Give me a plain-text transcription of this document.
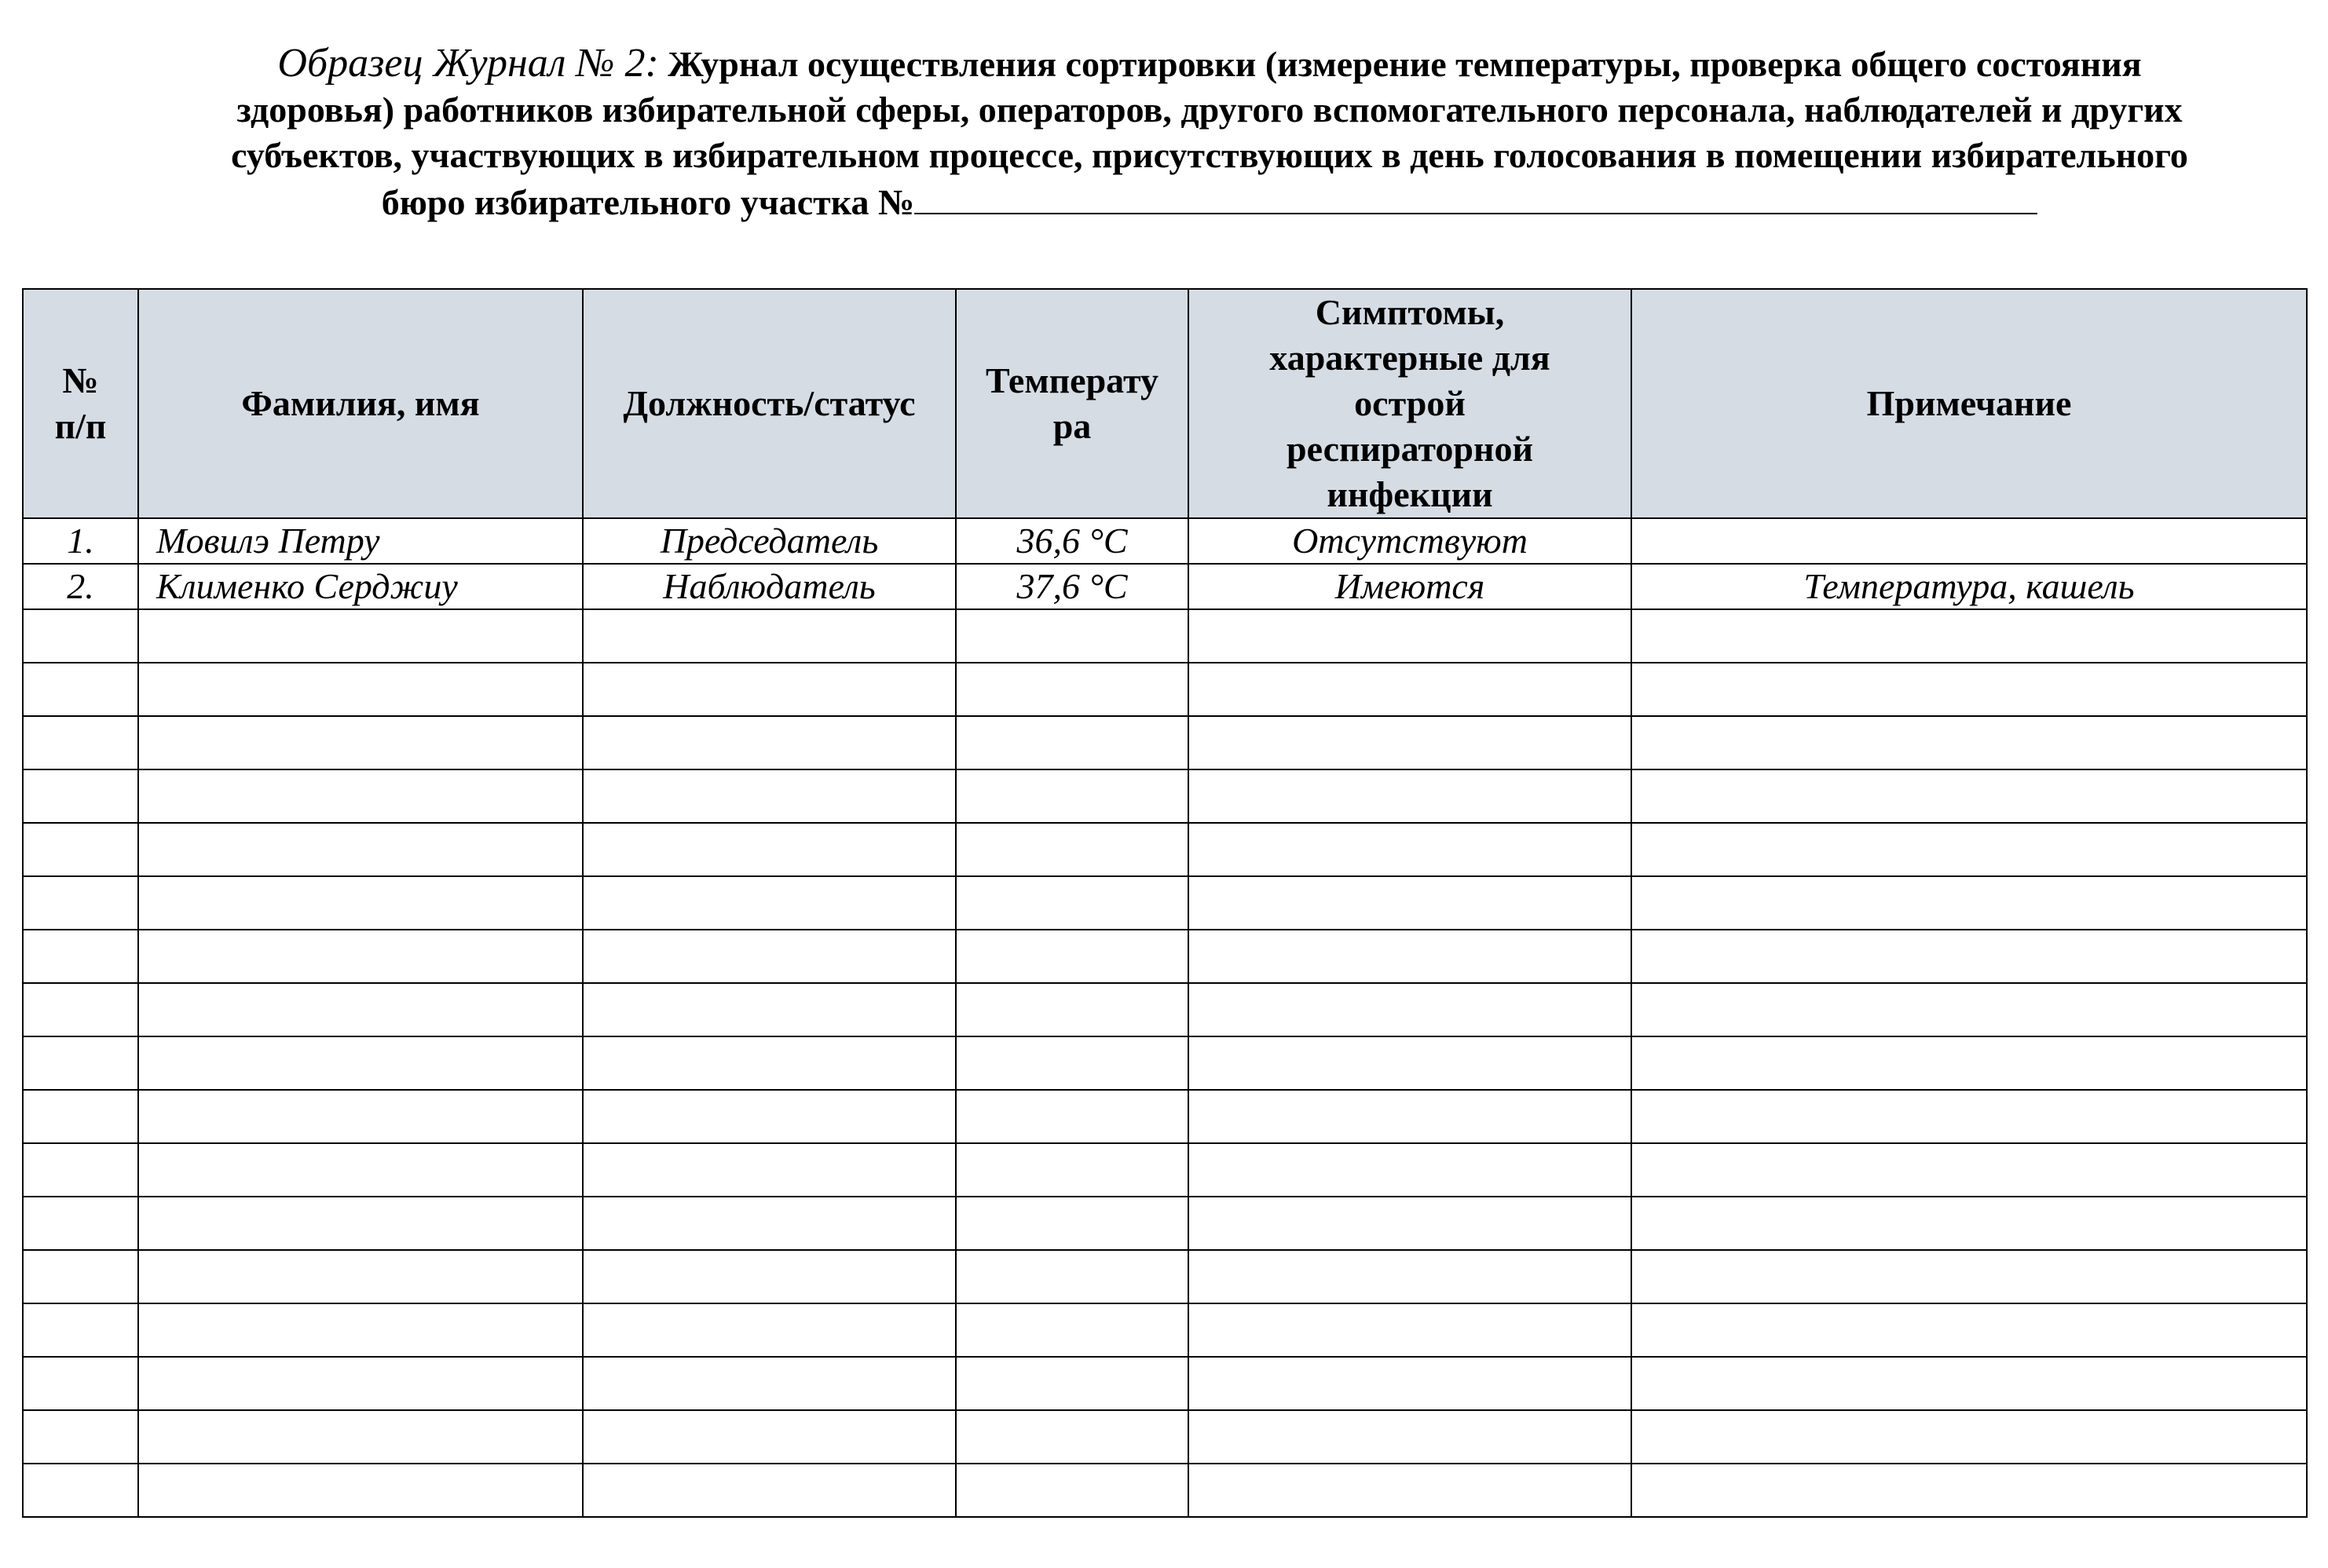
Образец Журнал № 2: Журнал осуществления сортировки (измерение температуры, проверка общего состояния
здоровья) работников избирательной сферы, операторов, другого вспомогательного персонала, наблюдателей и других
субъектов, участвующих в избирательном процессе, присутствующих в день голосования в помещении избирательного
бюро избирательного участка №
№ п/п	Фамилия, имя	Должность/статус	Температу ра	Симптомы, характерные для острой респираторной инфекции	Примечание
1.	Мовилэ Петру	Председатель	36,6 °C	Отсутствуют	
2.	Клименко Серджиу	Наблюдатель	37,6 °C	Имеются	Температура, кашель
